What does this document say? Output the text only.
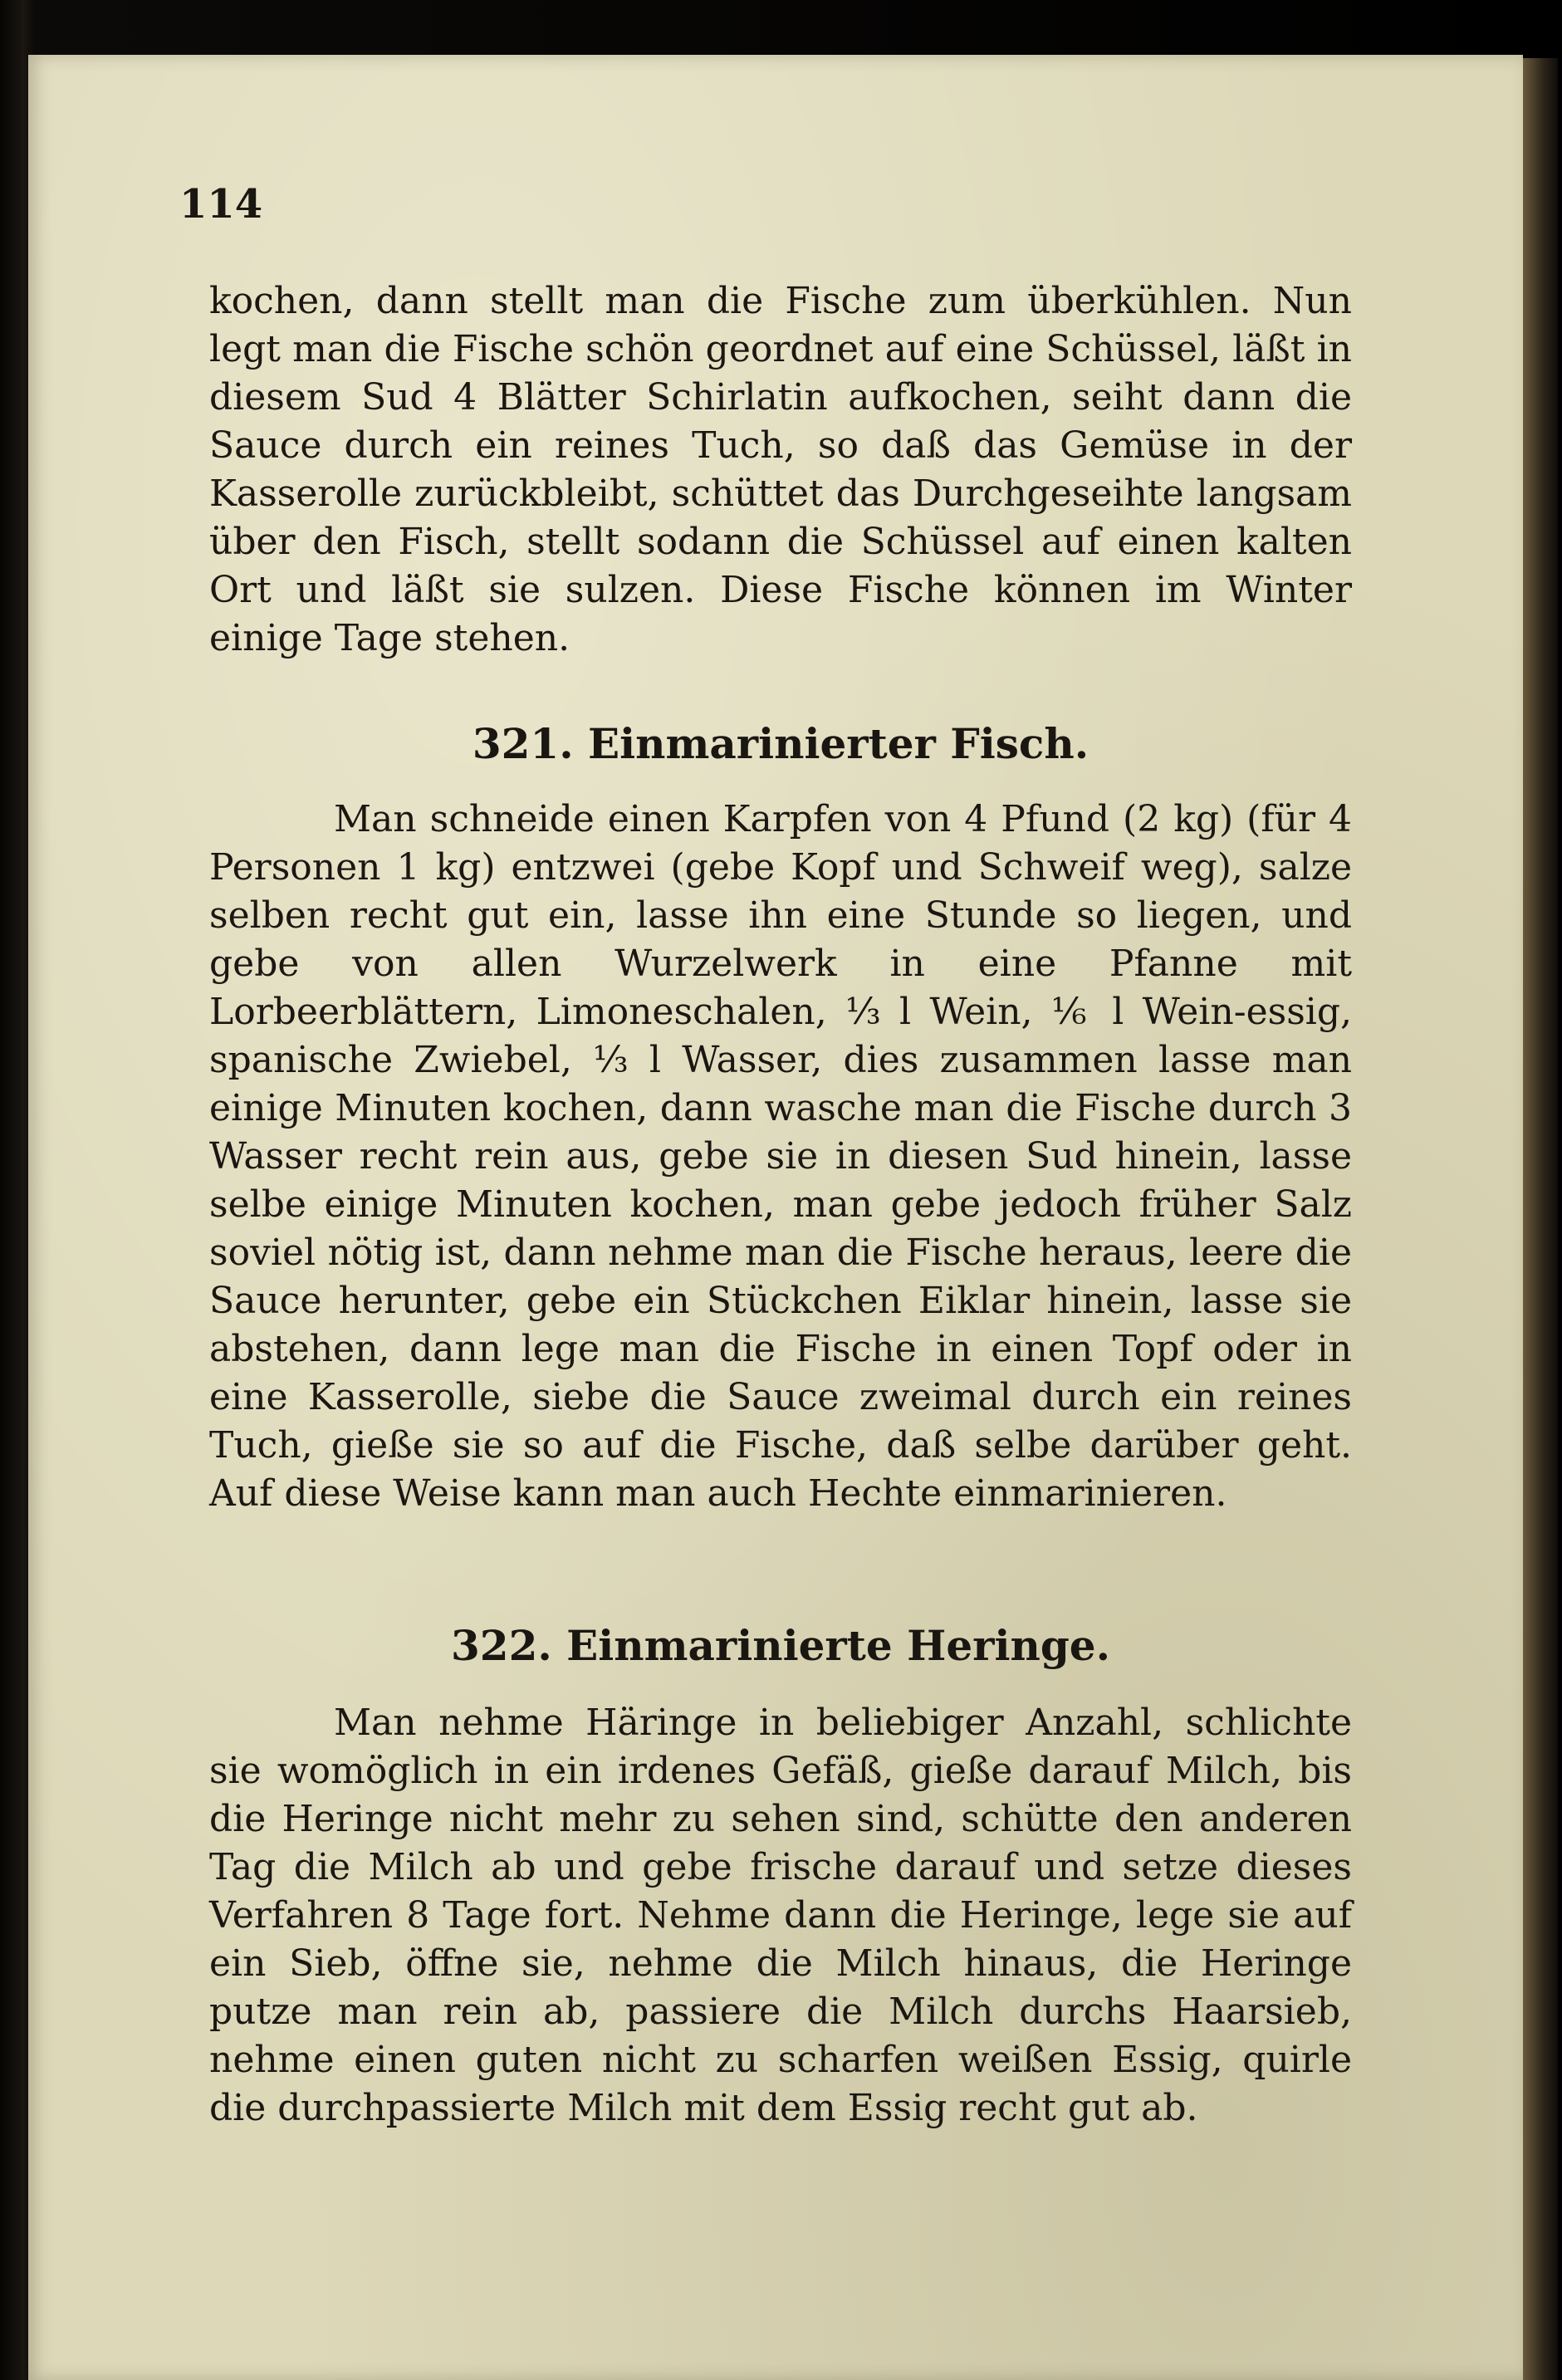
114
kochen, dann stellt man die Fische zum überkühlen. Nun legt man die Fische schön geordnet auf eine Schüssel, läßt in diesem Sud 4 Blätter Schirlatin aufkochen, seiht dann die Sauce durch ein reines Tuch, so daß das Gemüse in der Kasserolle zurückbleibt, schüttet das Durchgeseihte langsam über den Fisch, stellt sodann die Schüssel auf einen kalten Ort und läßt sie sulzen. Diese Fische können im Winter einige Tage stehen.
321. Einmarinierter Fisch.
Man schneide einen Karpfen von 4 Pfund (2 kg) (für 4 Personen 1 kg) entzwei (gebe Kopf und Schweif weg), salze selben recht gut ein, lasse ihn eine Stunde so liegen, und gebe von allen Wurzelwerk in eine Pfanne mit Lorbeerblättern, Limoneschalen, ⅓ l Wein, ⅙ l Wein-essig, spanische Zwiebel, ⅓ l Wasser, dies zusammen lasse man einige Minuten kochen, dann wasche man die Fische durch 3 Wasser recht rein aus, gebe sie in diesen Sud hinein, lasse selbe einige Minuten kochen, man gebe jedoch früher Salz soviel nötig ist, dann nehme man die Fische heraus, leere die Sauce herunter, gebe ein Stückchen Eiklar hinein, lasse sie abstehen, dann lege man die Fische in einen Topf oder in eine Kasserolle, siebe die Sauce zweimal durch ein reines Tuch, gieße sie so auf die Fische, daß selbe darüber geht. Auf diese Weise kann man auch Hechte einmarinieren.
322. Einmarinierte Heringe.
Man nehme Häringe in beliebiger Anzahl, schlichte sie womöglich in ein irdenes Gefäß, gieße darauf Milch, bis die Heringe nicht mehr zu sehen sind, schütte den anderen Tag die Milch ab und gebe frische darauf und setze dieses Verfahren 8 Tage fort. Nehme dann die Heringe, lege sie auf ein Sieb, öffne sie, nehme die Milch hinaus, die Heringe putze man rein ab, passiere die Milch durchs Haarsieb, nehme einen guten nicht zu scharfen weißen Essig, quirle die durchpassierte Milch mit dem Essig recht gut ab.
